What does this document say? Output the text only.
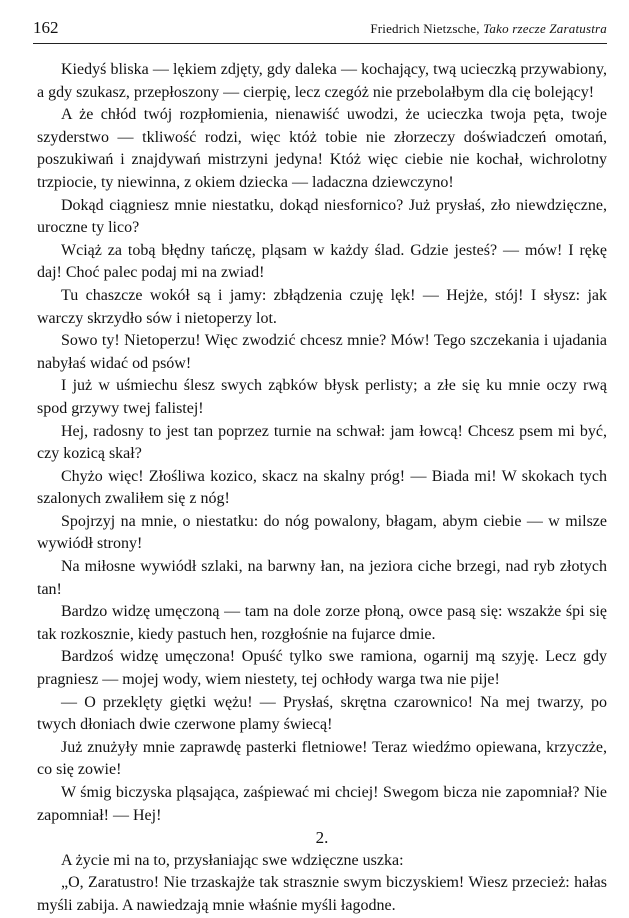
162	Friedrich Nietzsche, Tako rzecze Zaratustra

Kiedyś bliska — lękiem zdjęty, gdy daleka — kochający, twą ucieczką przywabiony, a gdy szukasz, przepłoszony — cierpię, lecz czegóż nie przebolałbym dla cię bolejący!

A że chłód twój rozpłomienia, nienawiść uwodzi, że ucieczka twoja pęta, twoje szyderstwo — tkliwość rodzi, więc któż tobie nie złorzeczy doświadczeń omotań, poszukiwań i znajdywań mistrzyni jedyna! Któż więc ciebie nie kochał, wichrolotny trzpiocie, ty niewinna, z okiem dziecka — ladaczna dziewczyno!

Dokąd ciągniesz mnie niestatku, dokąd niesfornico? Już prysłaś, zło niewdzięczne, uroczne ty lico?

Wciąż za tobą błędny tańczę, pląsam w każdy ślad. Gdzie jesteś? — mów! I rękę daj! Choć palec podaj mi na zwiad!

Tu chaszcze wokół są i jamy: zbłądzenia czuję lęk! — Hejże, stój! I słysz: jak warczy skrzydło sów i nietoperzy lot.

Sowo ty! Nietoperzu! Więc zwodzić chcesz mnie? Mów! Tego szczekania i ujadania nabyłaś widać od psów!

I już w uśmiechu ślesz swych ząbków błysk perlisty; a złe się ku mnie oczy rwą spod grzywy twej falistej!

Hej, radosny to jest tan poprzez turnie na schwał: jam łowcą! Chcesz psem mi być, czy kozicą skał?

Chyżo więc! Złośliwa kozico, skacz na skalny próg! — Biada mi! W skokach tych szalonych zwaliłem się z nóg!

Spojrzyj na mnie, o niestatku: do nóg powalony, błagam, abym ciebie — w milsze wywiódł strony!

Na miłosne wywiódł szlaki, na barwny łan, na jeziora ciche brzegi, nad ryb złotych tan!

Bardzo widzę umęczoną — tam na dole zorze płoną, owce pasą się: wszakże śpi się tak rozkosznie, kiedy pastuch hen, rozgłośnie na fujarce dmie.

Bardzoś widzę umęczona! Opuść tylko swe ramiona, ogarnij mą szyję. Lecz gdy pragniesz — mojej wody, wiem niestety, tej ochłody warga twa nie pije!

— O przeklęty giętki wężu! — Prysłaś, skrętna czarownico! Na mej twarzy, po twych dłoniach dwie czerwone plamy świecą!

Już znużyły mnie zaprawdę pasterki fletniowe! Teraz wiedźmo opiewana, krzyczże, co się zowie!

W śmig biczyska pląsająca, zaśpiewać mi chciej! Swegom bicza nie zapomniał? Nie zapomniał! — Hej!

2.

A życie mi na to, przysłaniając swe wdzięczne uszka:

„O, Zaratustro! Nie trzaskajże tak strasznie swym biczyskiem! Wiesz przecież: hałas myśli zabija. A nawiedzają mnie właśnie myśli łagodne.
